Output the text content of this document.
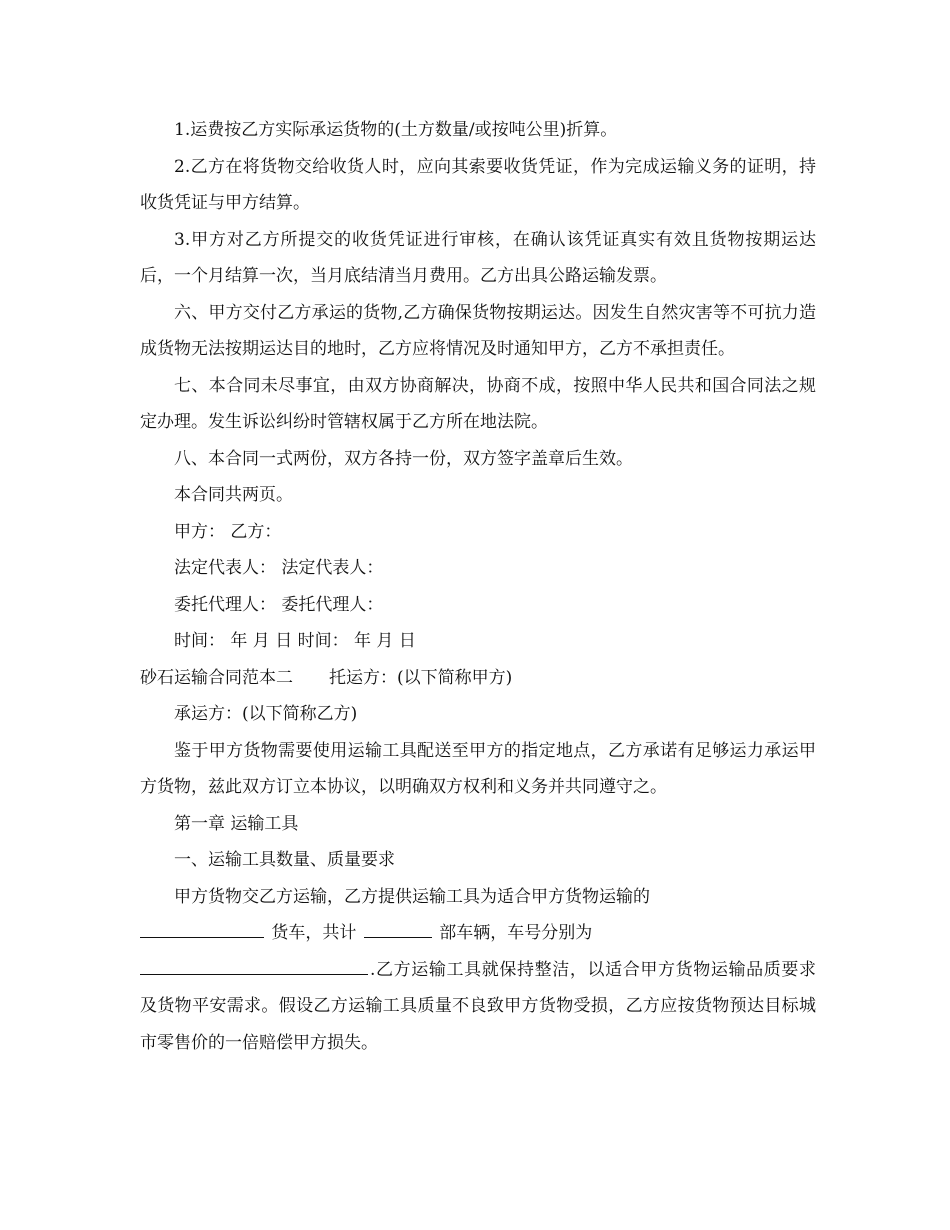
1.运费按乙方实际承运货物的(土方数量/或按吨公里)折算。

2.乙方在将货物交给收货人时，应向其索要收货凭证，作为完成运输义务的证明，持收货凭证与甲方结算。

3.甲方对乙方所提交的收货凭证进行审核，在确认该凭证真实有效且货物按期运达后，一个月结算一次，当月底结清当月费用。乙方出具公路运输发票。

六、甲方交付乙方承运的货物,乙方确保货物按期运达。因发生自然灾害等不可抗力造成货物无法按期运达目的地时，乙方应将情况及时通知甲方，乙方不承担责任。

七、本合同未尽事宜，由双方协商解决，协商不成，按照中华人民共和国合同法之规定办理。发生诉讼纠纷时管辖权属于乙方所在地法院。

八、本合同一式两份，双方各持一份，双方签字盖章后生效。

本合同共两页。

甲方： 乙方：

法定代表人： 法定代表人：

委托代理人： 委托代理人：

时间： 年 月 日 时间： 年 月 日

砂石运输合同范本二 托运方：(以下简称甲方)

承运方：(以下简称乙方)

鉴于甲方货物需要使用运输工具配送至甲方的指定地点，乙方承诺有足够运力承运甲方货物，兹此双方订立本协议，以明确双方权利和义务并共同遵守之。

第一章 运输工具

一、运输工具数量、质量要求

甲方货物交乙方运输，乙方提供运输工具为适合甲方货物运输的

货车，共计	部车辆，车号分别为

.乙方运输工具就保持整洁，以适合甲方货物运输品质要求及货物平安需求。假设乙方运输工具质量不良致甲方货物受损，乙方应按货物预达目标城市零售价的一倍赔偿甲方损失。
